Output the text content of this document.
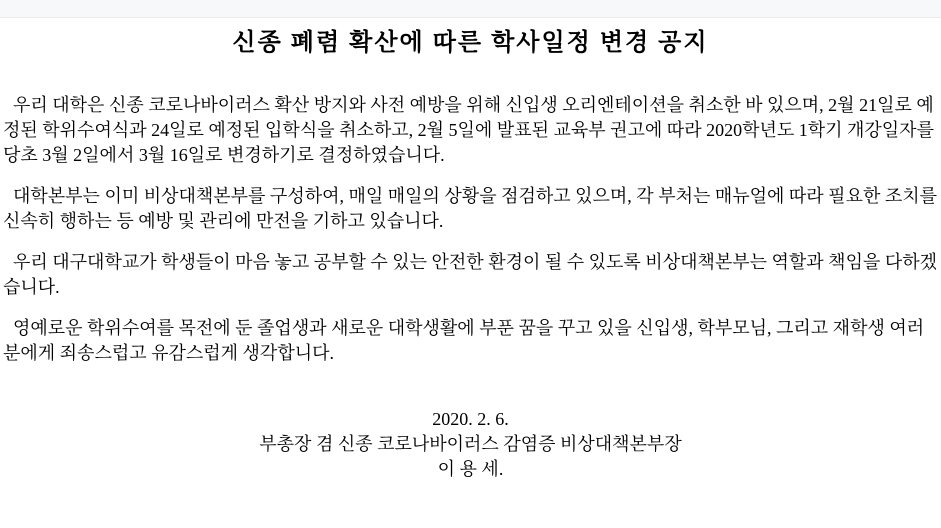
신종 폐렴 확산에 따른 학사일정 변경 공지

우리 대학은 신종 코로나바이러스 확산 방지와 사전 예방을 위해 신입생 오리엔테이션을 취소한 바 있으며, 2월 21일로 예정된 학위수여식과 24일로 예정된 입학식을 취소하고, 2월 5일에 발표된 교육부 권고에 따라 2020학년도 1학기 개강일자를 당초 3월 2일에서 3월 16일로 변경하기로 결정하였습니다.

대학본부는 이미 비상대책본부를 구성하여, 매일 매일의 상황을 점검하고 있으며, 각 부처는 매뉴얼에 따라 필요한 조치를 신속히 행하는 등 예방 및 관리에 만전을 기하고 있습니다.

우리 대구대학교가 학생들이 마음 놓고 공부할 수 있는 안전한 환경이 될 수 있도록 비상대책본부는 역할과 책임을 다하겠습니다.

영예로운 학위수여를 목전에 둔 졸업생과 새로운 대학생활에 부푼 꿈을 꾸고 있을 신입생, 학부모님, 그리고 재학생 여러분에게 죄송스럽고 유감스럽게 생각합니다.

2020. 2. 6.
부총장 겸 신종 코로나바이러스 감염증 비상대책본부장
이 용 세.
